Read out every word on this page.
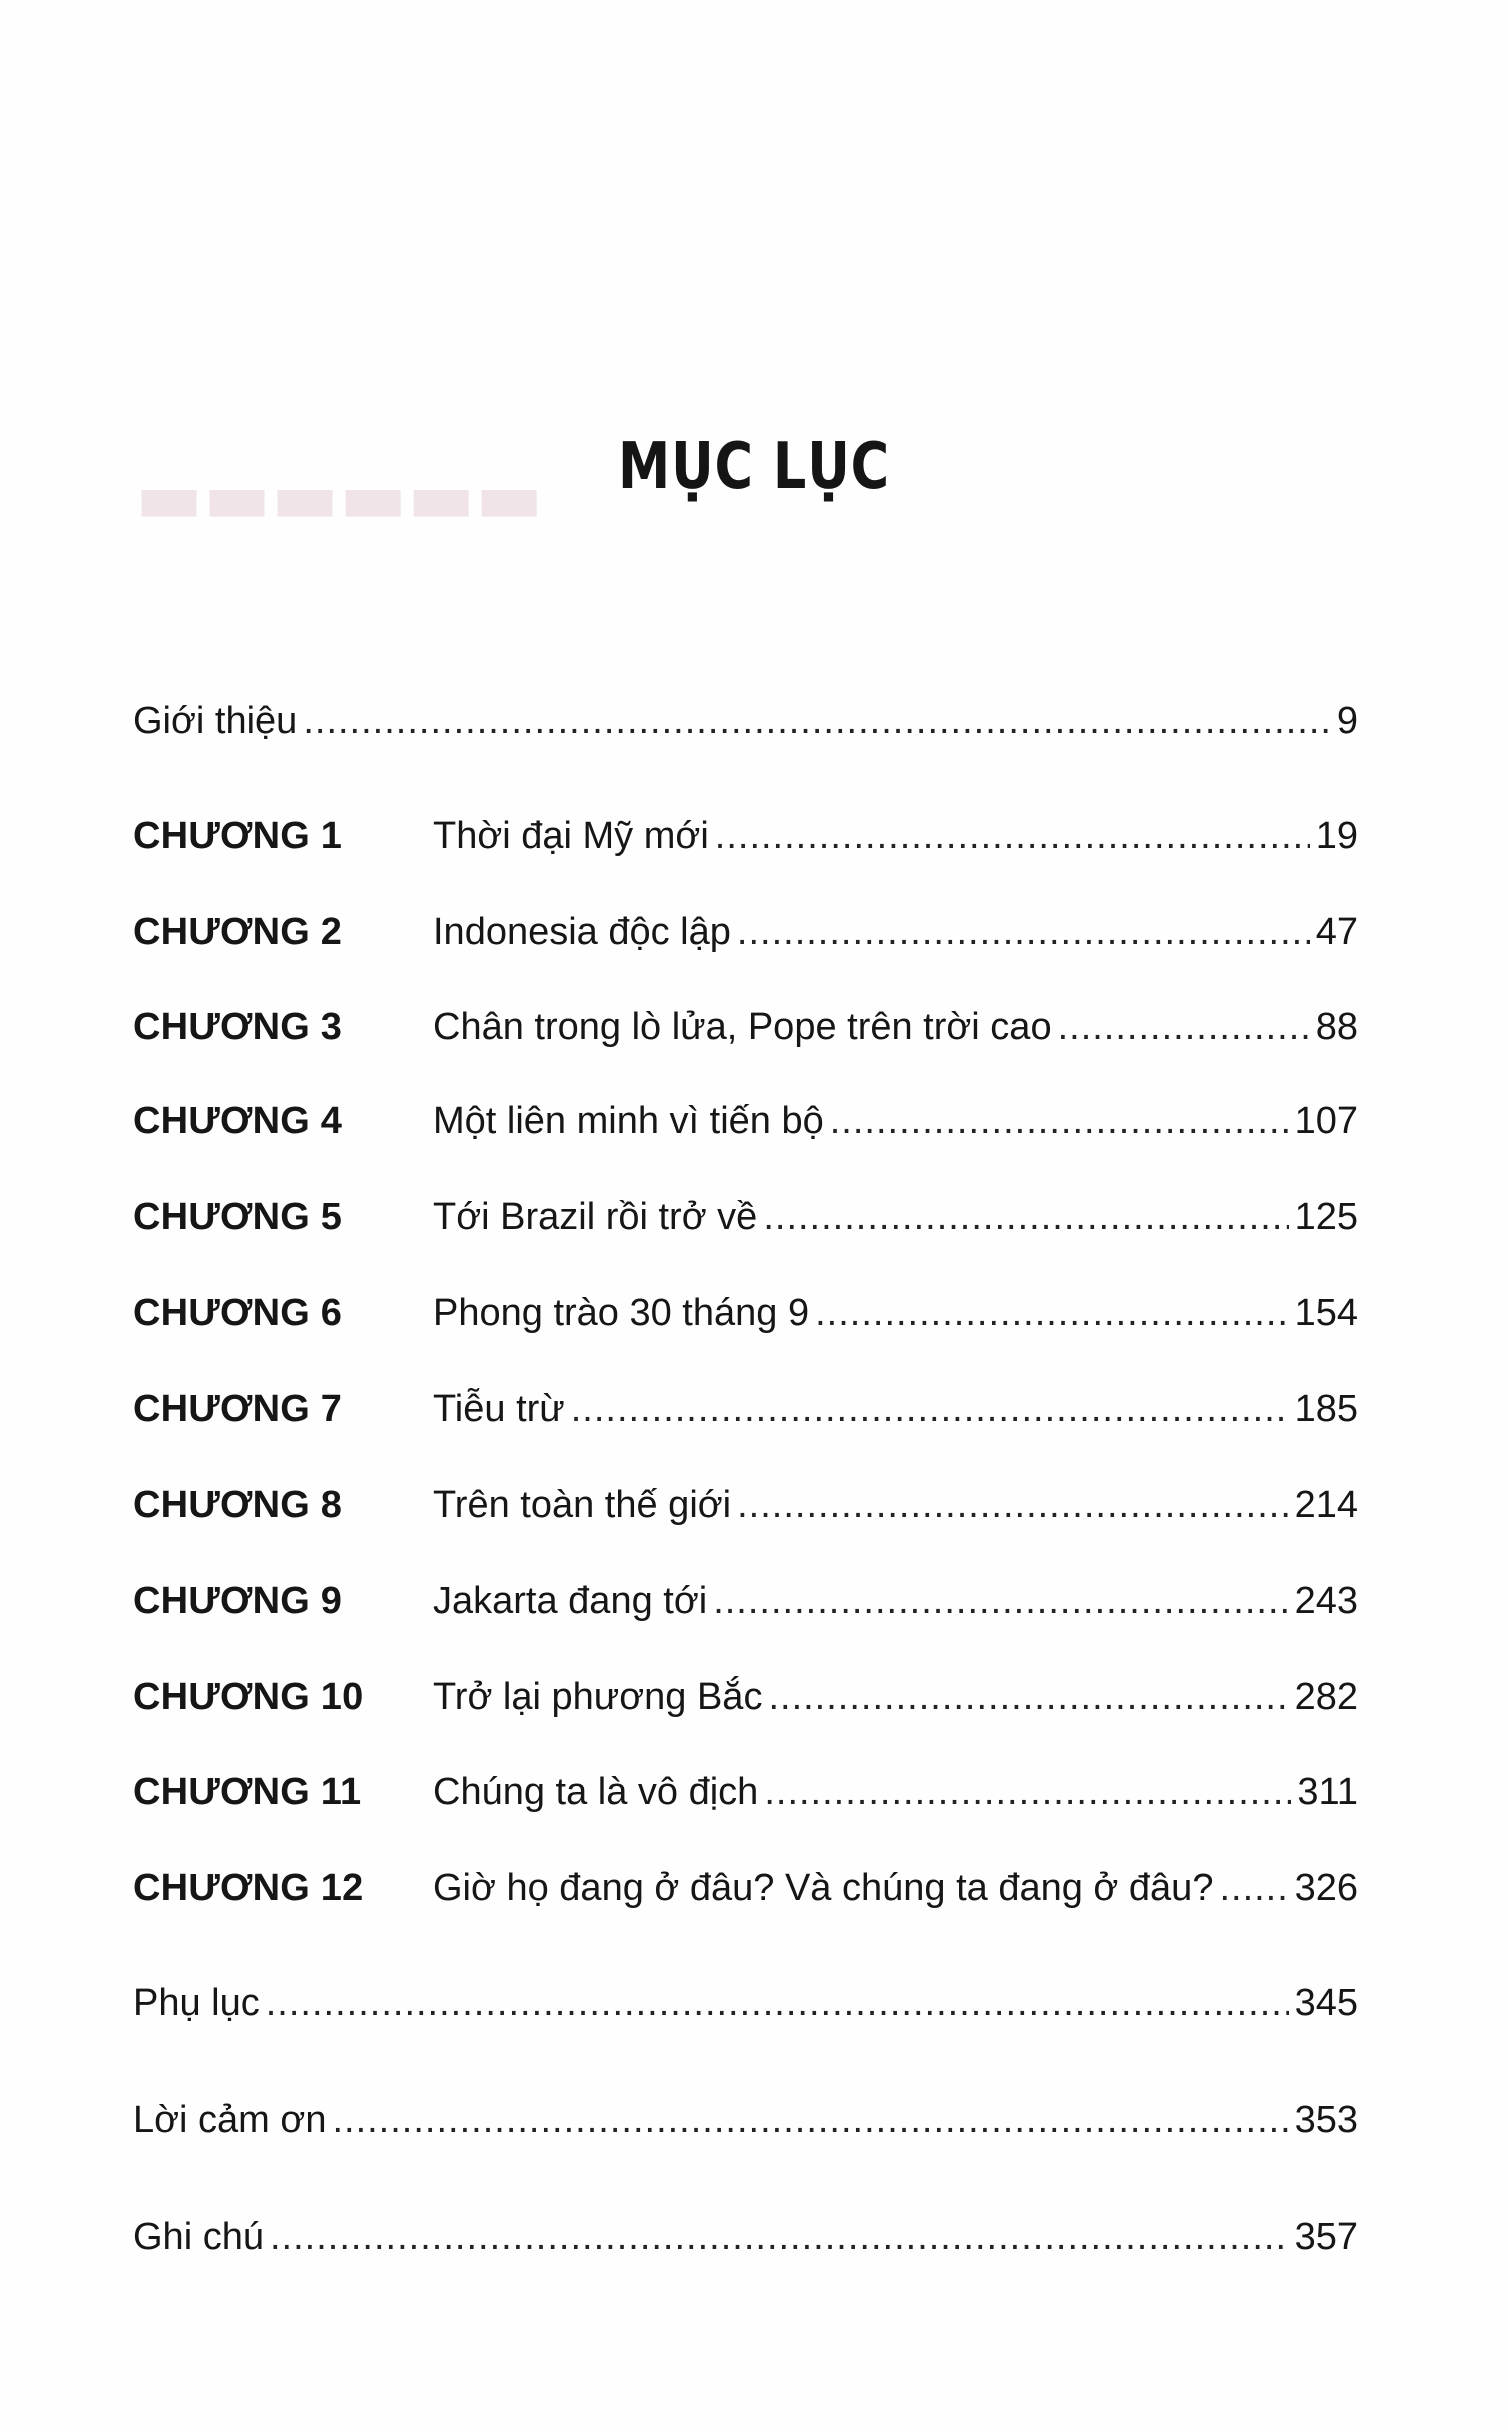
▬▬▬▬▬▬	MỤC LỤC
Giới thiệu .....	9
CHƯƠNG 1	Thời đại Mỹ mới .....	19
CHƯƠNG 2	Indonesia độc lập .....	47
CHƯƠNG 3	Chân trong lò lửa, Pope trên trời cao .....	88
CHƯƠNG 4	Một liên minh vì tiến bộ .....	107
CHƯƠNG 5	Tới Brazil rồi trở về .....	125
CHƯƠNG 6	Phong trào 30 tháng 9 .....	154
CHƯƠNG 7	Tiễu trừ .....	185
CHƯƠNG 8	Trên toàn thế giới .....	214
CHƯƠNG 9	Jakarta đang tới .....	243
CHƯƠNG 10	Trở lại phương Bắc .....	282
CHƯƠNG 11	Chúng ta là vô địch .....	311
CHƯƠNG 12	Giờ họ đang ở đâu? Và chúng ta đang ở đâu? ..... 326
Phụ lục .....	345
Lời cảm ơn .....	353
Ghi chú .....	357
